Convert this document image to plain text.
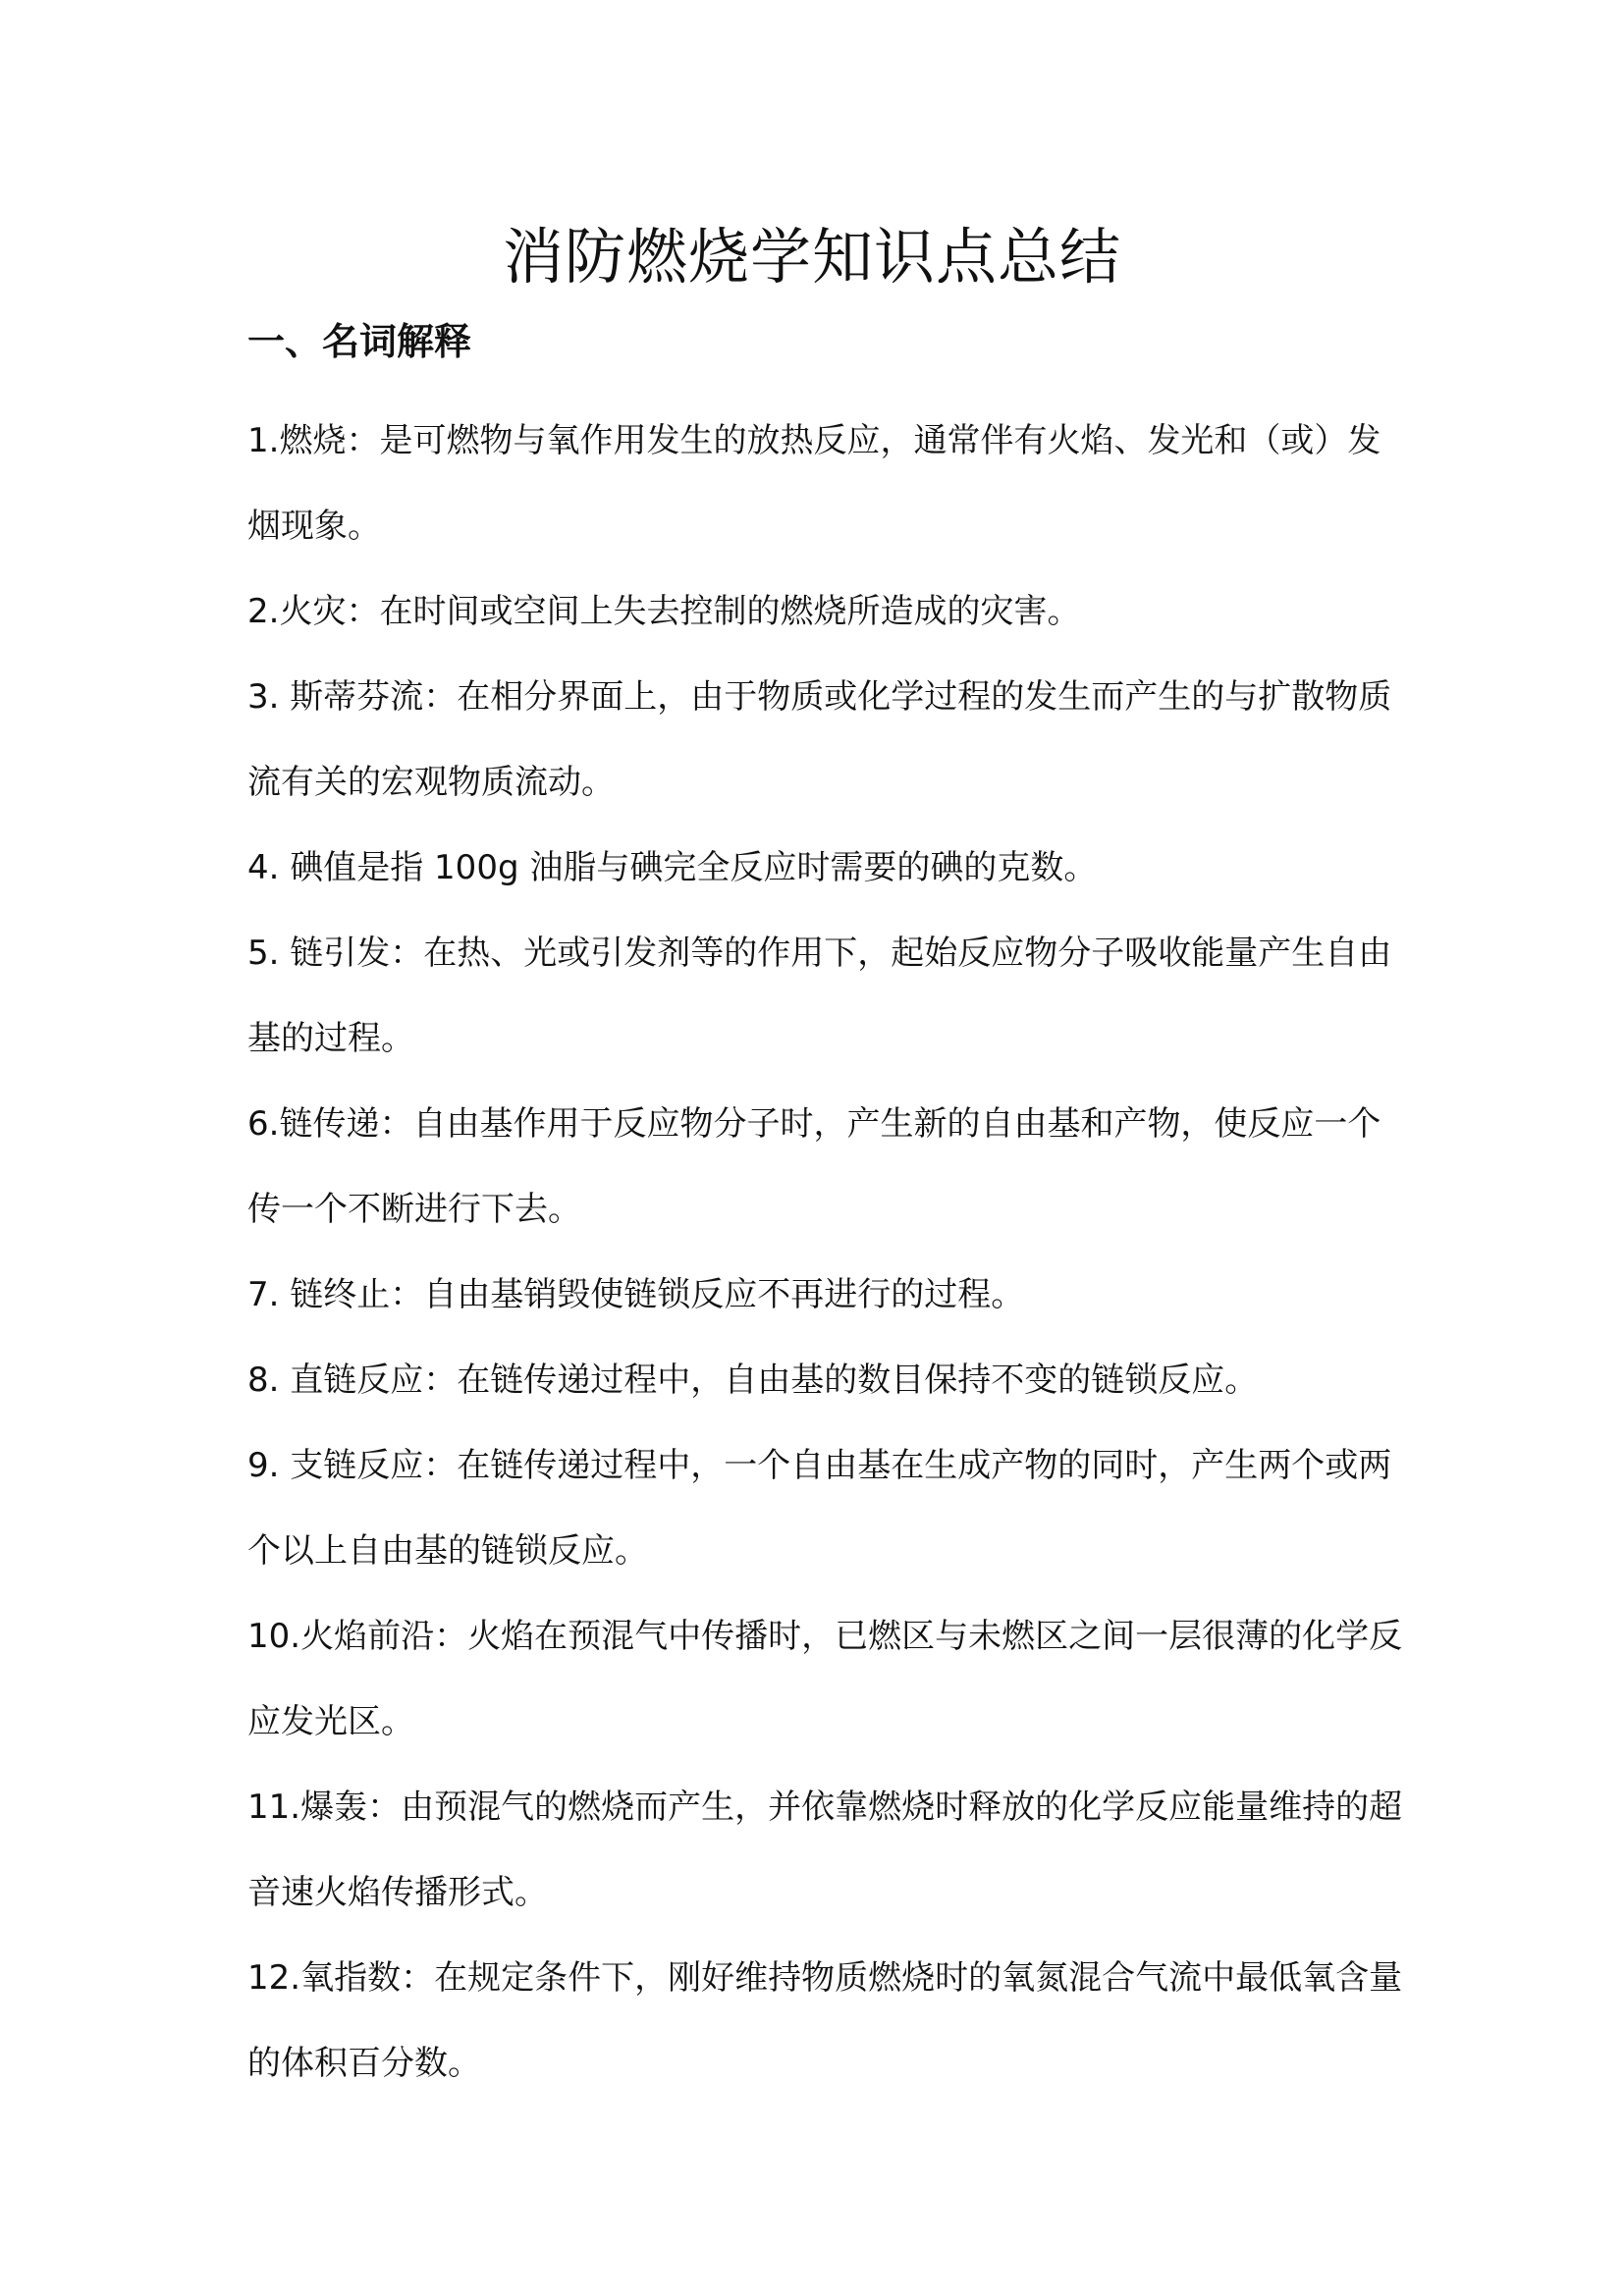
消防燃烧学知识点总结
一、名词解释

1.燃烧：是可燃物与氧作用发生的放热反应，通常伴有火焰、发光和（或）发

烟现象。

2.火灾：在时间或空间上失去控制的燃烧所造成的灾害。

3. 斯蒂芬流：在相分界面上，由于物质或化学过程的发生而产生的与扩散物质

流有关的宏观物质流动。

4. 碘值是指 100g 油脂与碘完全反应时需要的碘的克数。

5. 链引发：在热、光或引发剂等的作用下，起始反应物分子吸收能量产生自由

基的过程。

6.链传递：自由基作用于反应物分子时，产生新的自由基和产物，使反应一个

传一个不断进行下去。

7. 链终止：自由基销毁使链锁反应不再进行的过程。

8. 直链反应：在链传递过程中，自由基的数目保持不变的链锁反应。

9. 支链反应：在链传递过程中，一个自由基在生成产物的同时，产生两个或两

个以上自由基的链锁反应。

10.火焰前沿：火焰在预混气中传播时，已燃区与未燃区之间一层很薄的化学反

应发光区。

11.爆轰：由预混气的燃烧而产生，并依靠燃烧时释放的化学反应能量维持的超

音速火焰传播形式。

12.氧指数：在规定条件下，刚好维持物质燃烧时的氧氮混合气流中最低氧含量

的体积百分数。
